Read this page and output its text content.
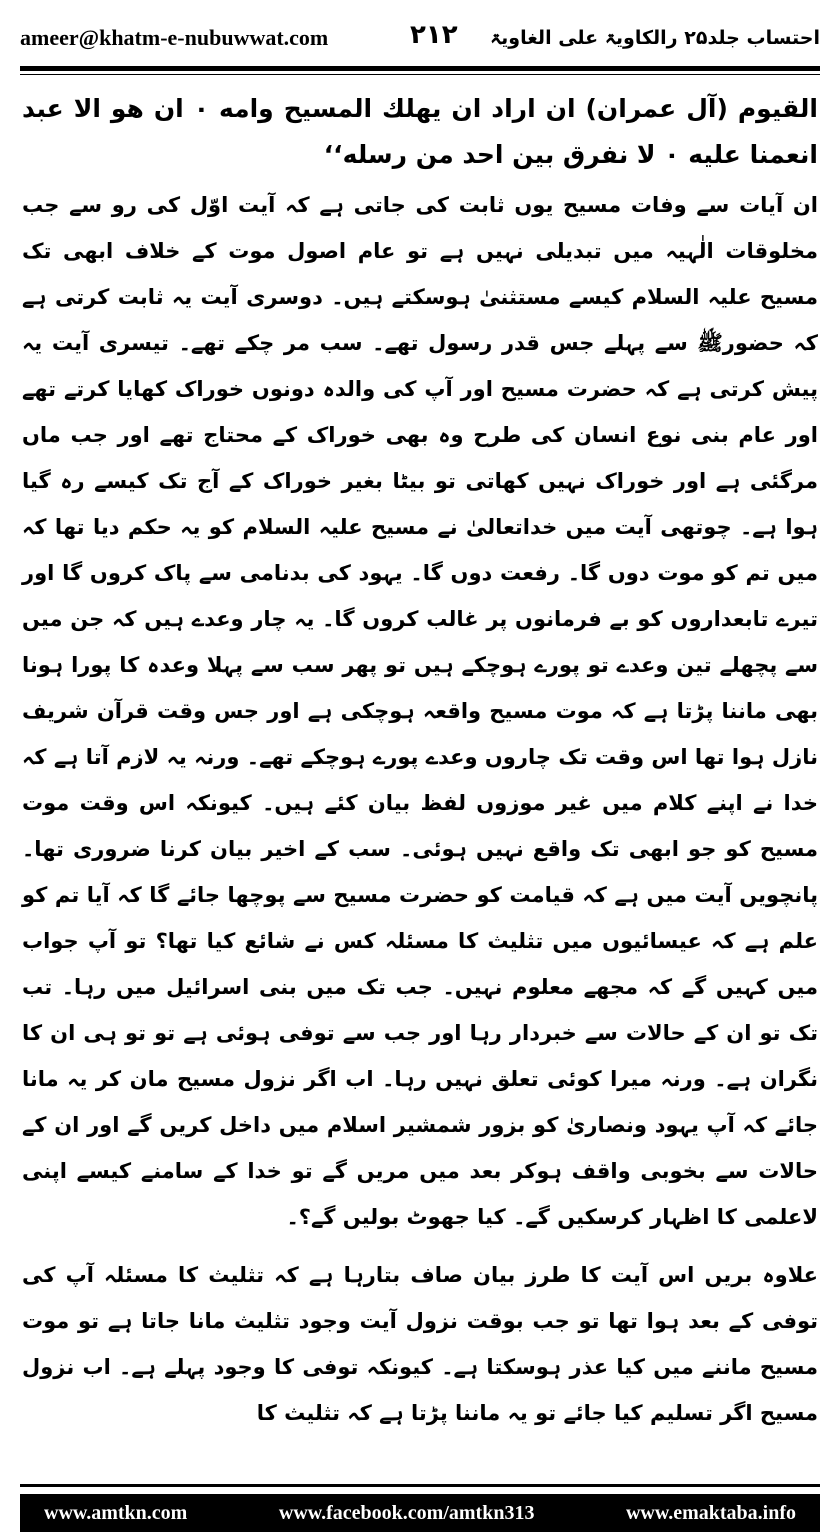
ameer@khatm-e-nubuwwat.com	۲۱۲ احتساب جلد۲۵ رالکاویۃ علی الغاویۃ

القيوم (آل عمران) ان اراد ان يهلك المسيح وامه ۰ ان هو الا عبد انعمنا عليه ۰ لا نفرق بين احد من رسله‘‘

ان آیات سے وفات مسیح یوں ثابت کی جاتی ہے کہ آیت اوّل کی رو سے جب مخلوقات الٰہیہ میں تبدیلی نہیں ہے تو عام اصول موت کے خلاف ابھی تک مسیح علیہ السلام کیسے مستثنیٰ ہوسکتے ہیں۔ دوسری آیت یہ ثابت کرتی ہے کہ حضورﷺ سے پہلے جس قدر رسول تھے۔ سب مر چکے تھے۔ تیسری آیت یہ پیش کرتی ہے کہ حضرت مسیح اور آپ کی والدہ دونوں خوراک کھایا کرتے تھے اور عام بنی نوع انسان کی طرح وہ بھی خوراک کے محتاج تھے اور جب ماں مرگئی ہے اور خوراک نہیں کھاتی تو بیٹا بغیر خوراک کے آج تک کیسے رہ گیا ہوا ہے۔ چوتھی آیت میں خداتعالیٰ نے مسیح علیہ السلام کو یہ حکم دیا تھا کہ میں تم کو موت دوں گا۔ رفعت دوں گا۔ یہود کی بدنامی سے پاک کروں گا اور تیرے تابعداروں کو بے فرمانوں پر غالب کروں گا۔ یہ چار وعدے ہیں کہ جن میں سے پچھلے تین وعدے تو پورے ہوچکے ہیں تو پھر سب سے پہلا وعدہ کا پورا ہونا بھی ماننا پڑتا ہے کہ موت مسیح واقعہ ہوچکی ہے اور جس وقت قرآن شریف نازل ہوا تھا اس وقت تک چاروں وعدے پورے ہوچکے تھے۔ ورنہ یہ لازم آتا ہے کہ خدا نے اپنے کلام میں غیر موزوں لفظ بیان کئے ہیں۔ کیونکہ اس وقت موت مسیح کو جو ابھی تک واقع نہیں ہوئی۔ سب کے اخیر بیان کرنا ضروری تھا۔ پانچویں آیت میں ہے کہ قیامت کو حضرت مسیح سے پوچھا جائے گا کہ آیا تم کو علم ہے کہ عیسائیوں میں تثلیث کا مسئلہ کس نے شائع کیا تھا؟ تو آپ جواب میں کہیں گے کہ مجھے معلوم نہیں۔ جب تک میں بنی اسرائیل میں رہا۔ تب تک تو ان کے حالات سے خبردار رہا اور جب سے توفی ہوئی ہے تو تو ہی ان کا نگران ہے۔ ورنہ میرا کوئی تعلق نہیں رہا۔ اب اگر نزول مسیح مان کر یہ مانا جائے کہ آپ یہود ونصاریٰ کو بزور شمشیر اسلام میں داخل کریں گے اور ان کے حالات سے بخوبی واقف ہوکر بعد میں مریں گے تو خدا کے سامنے کیسے اپنی لاعلمی کا اظہار کرسکیں گے۔ کیا جھوٹ بولیں گے؟۔

علاوہ بریں اس آیت کا طرز بیان صاف بتارہا ہے کہ تثلیث کا مسئلہ آپ کی توفی کے بعد ہوا تھا تو جب بوقت نزول آیت وجود تثلیث مانا جاتا ہے تو موت مسیح ماننے میں کیا عذر ہوسکتا ہے۔ کیونکہ توفی کا وجود پہلے ہے۔ اب نزول مسیح اگر تسلیم کیا جائے تو یہ ماننا پڑتا ہے کہ تثلیث کا

www.amtkn.com	www.facebook.com/amtkn313	www.emaktaba.info
